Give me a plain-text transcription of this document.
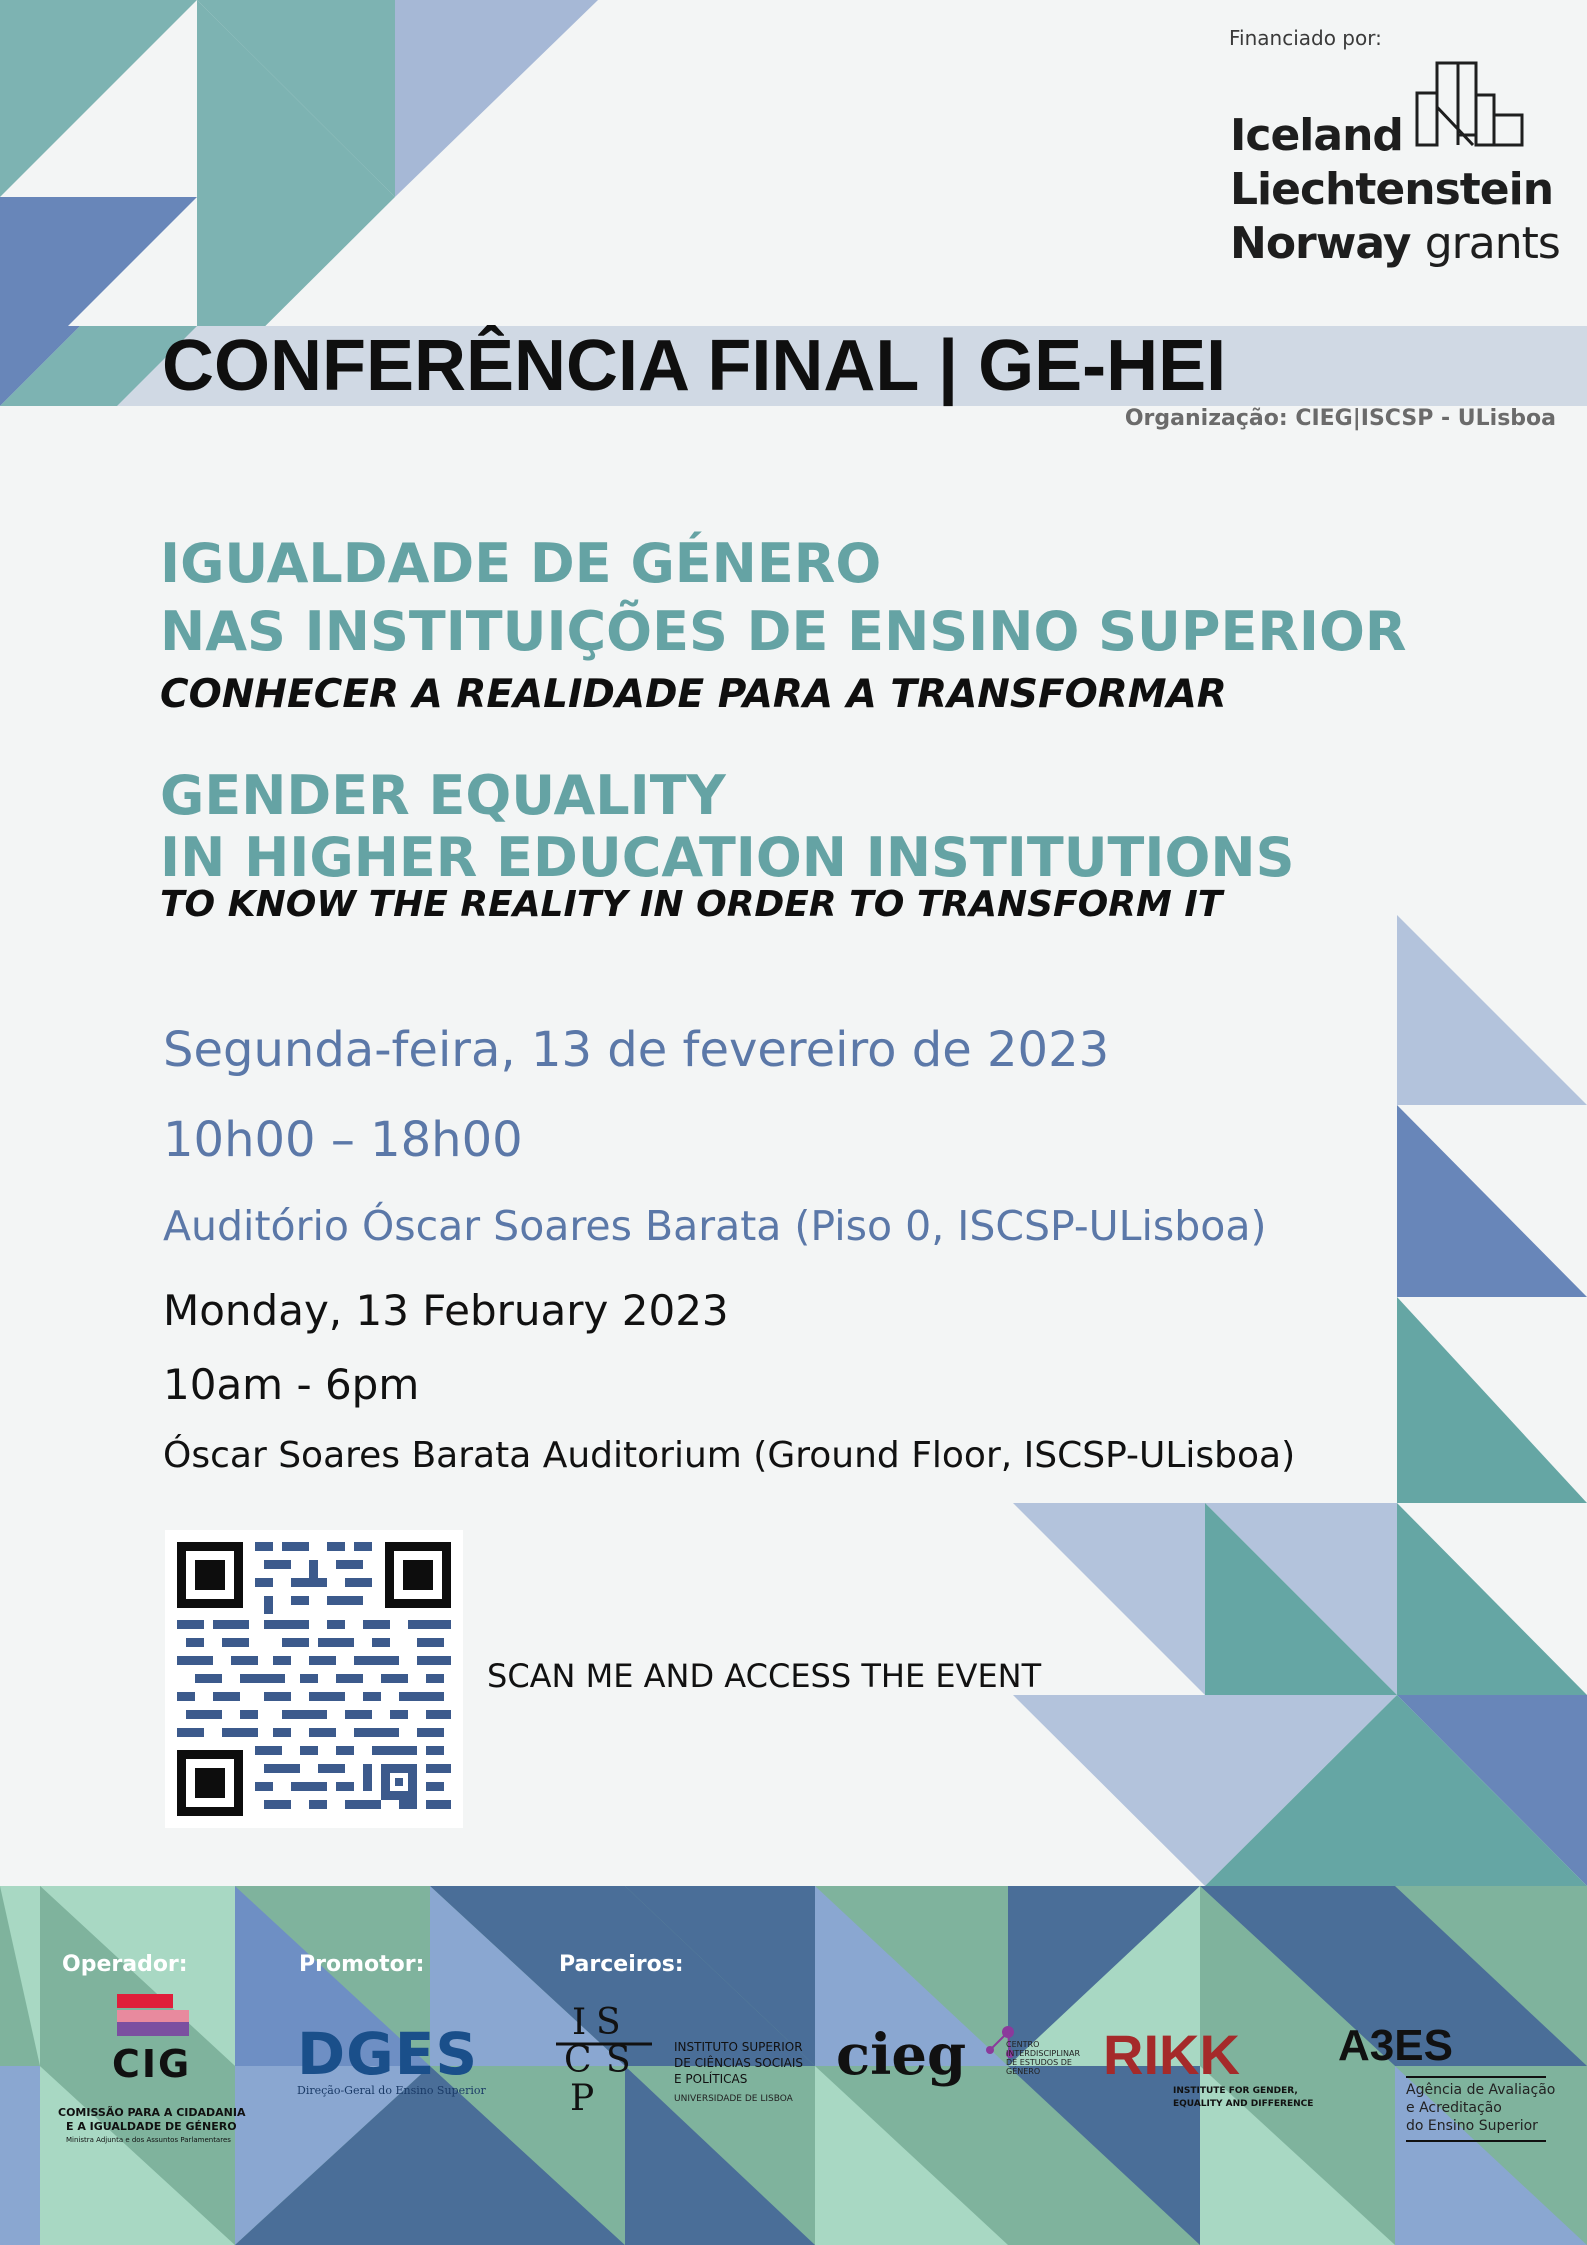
CONFERÊNCIA FINAL | GE-HEI
Organização: CIEG|ISCSP - ULisboa
Financiado por:
Iceland
Liechtenstein
Norway grants
IGUALDADE DE GÉNERO
NAS INSTITUIÇÕES DE ENSINO SUPERIOR
CONHECER A REALIDADE PARA A TRANSFORMAR
GENDER EQUALITY
IN HIGHER EDUCATION INSTITUTIONS
TO KNOW THE REALITY IN ORDER TO TRANSFORM IT
Segunda-feira, 13 de fevereiro de 2023
10h00 – 18h00
Auditório Óscar Soares Barata (Piso 0, ISCSP-ULisboa)
Monday, 13 February 2023
10am - 6pm
Óscar Soares Barata Auditorium (Ground Floor, ISCSP-ULisboa)
SCAN ME AND ACCESS THE EVENT
Operador:	Promotor:	Parceiros:
CIG
COMISSÃO PARA A CIDADANIA
E A IGUALDADE DE GÉNERO
Ministra Adjunta e dos Assuntos Parlamentares
DGES
Direção-Geral do Ensino Superior
I S
C S
P
INSTITUTO SUPERIOR
DE CIÊNCIAS SOCIAIS
E POLÍTICAS
UNIVERSIDADE DE LISBOA
cieg	CENTRO
INTERDISCIPLINAR
DE ESTUDOS DE
GÉNERO RIKK
INSTITUTE FOR GENDER,
EQUALITY AND DIFFERENCE
A3ES
Agência de Avaliação
e Acreditação
do Ensino Superior
